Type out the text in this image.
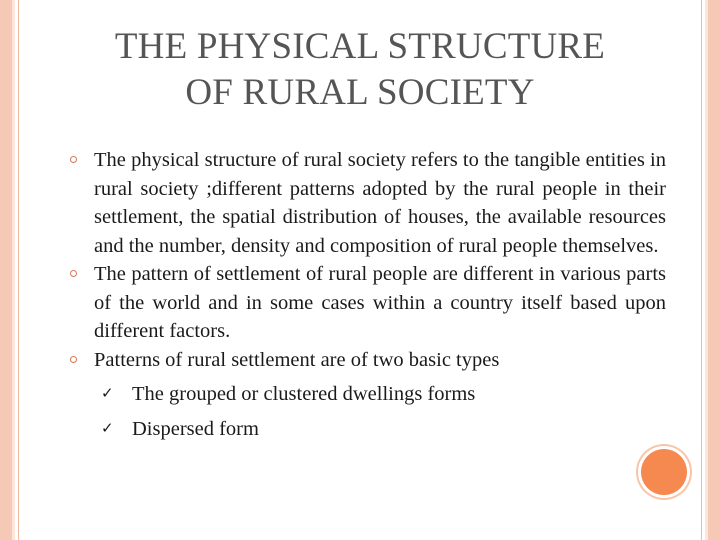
THE PHYSICAL STRUCTURE
OF RURAL SOCIETY
The physical structure of rural society refers to the tangible entities in rural society ;different patterns adopted by the rural people in their settlement, the spatial distribution of houses, the available resources and the number, density and composition of rural people themselves.
The pattern of settlement of rural people are different in various parts of the world and in some cases within a country itself based upon different factors.
Patterns of rural settlement are of two basic types
✓ The grouped or clustered dwellings forms
✓ Dispersed form
